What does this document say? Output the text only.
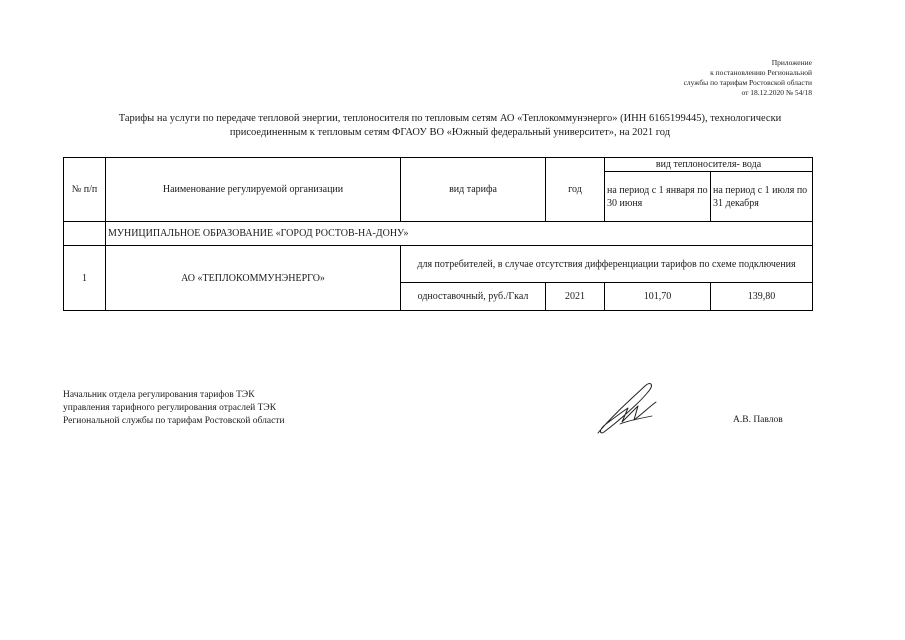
Приложение
к постановлению Региональной
службы по тарифам Ростовской области
от 18.12.2020 № 54/18
Тарифы на услуги по передаче тепловой энергии, теплоносителя по тепловым сетям АО «Теплокоммунэнерго» (ИНН 6165199445), технологически
присоединенным к тепловым сетям ФГАОУ ВО «Южный федеральный университет», на 2021 год
№ п/п	Наименование регулируемой организации	вид тарифа	год	вид теплоносителя- вода	
				на период с 1 января по 30 июня	на период с 1 июля по 31 декабря
	МУНИЦИПАЛЬНОЕ ОБРАЗОВАНИЕ «ГОРОД РОСТОВ-НА-ДОНУ»				
1	АО «ТЕПЛОКОММУНЭНЕРГО»	для потребителей, в случае отсутствия дифференциации тарифов по схеме подключения			
		одноставочный, руб./Гкал	2021	101,70	139,80
Начальник отдела регулирования тарифов ТЭК
управления тарифного регулирования отраслей ТЭК
Региональной службы по тарифам Ростовской области	А.В. Павлов
